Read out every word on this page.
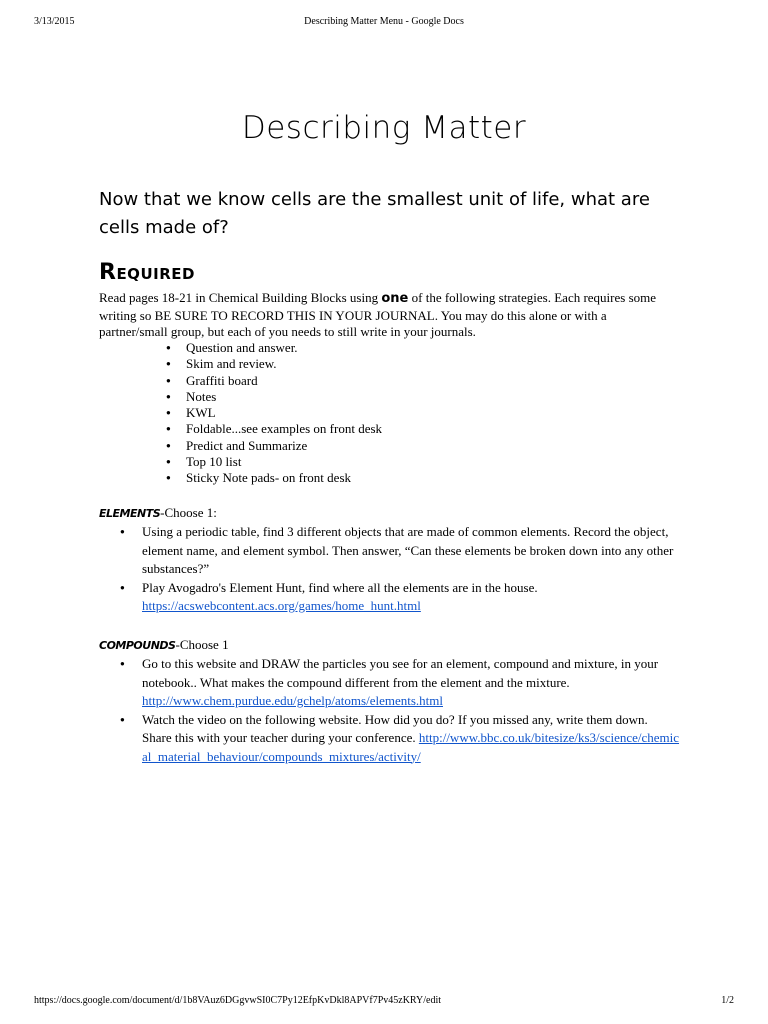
3/13/2015	Describing Matter Menu - Google Docs
Describing Matter

Now that we know cells are the smallest unit of life, what are cells made of?

Required

Read pages 18-21 in Chemical Building Blocks using one of the following strategies. Each requires some writing so BE SURE TO RECORD THIS IN YOUR JOURNAL. You may do this alone or with a partner/small group, but each of you needs to still write in your journals.

● Question and answer.
● Skim and review.
● Graffiti board
● Notes
● KWL
● Foldable...see examples on front desk
● Predict and Summarize
● Top 10 list
● Sticky Note pads- on front desk

ELEMENTS-Choose 1:

● Using a periodic table, find 3 different objects that are made of common elements. Record the object, element name, and element symbol. Then answer, “Can these elements be broken down into any other substances?”
● Play Avogadro's Element Hunt, find where all the elements are in the house.
https://acswebcontent.acs.org/games/home_hunt.html

COMPOUNDS-Choose 1

● Go to this website and DRAW the particles you see for an element, compound and mixture, in your notebook.. What makes the compound different from the element and the mixture. http://www.chem.purdue.edu/gchelp/atoms/elements.html
● Watch the video on the following website. How did you do? If you missed any, write them down. Share this with your teacher during your conference. http://www.bbc.co.uk/bitesize/ks3/science/chemical_material_behaviour/compounds_mixtures/activity/
https://docs.google.com/document/d/1b8VAuz6DGgvwSI0C7Py12EfpKvDkl8APVf7Pv45zKRY/edit	1/2
